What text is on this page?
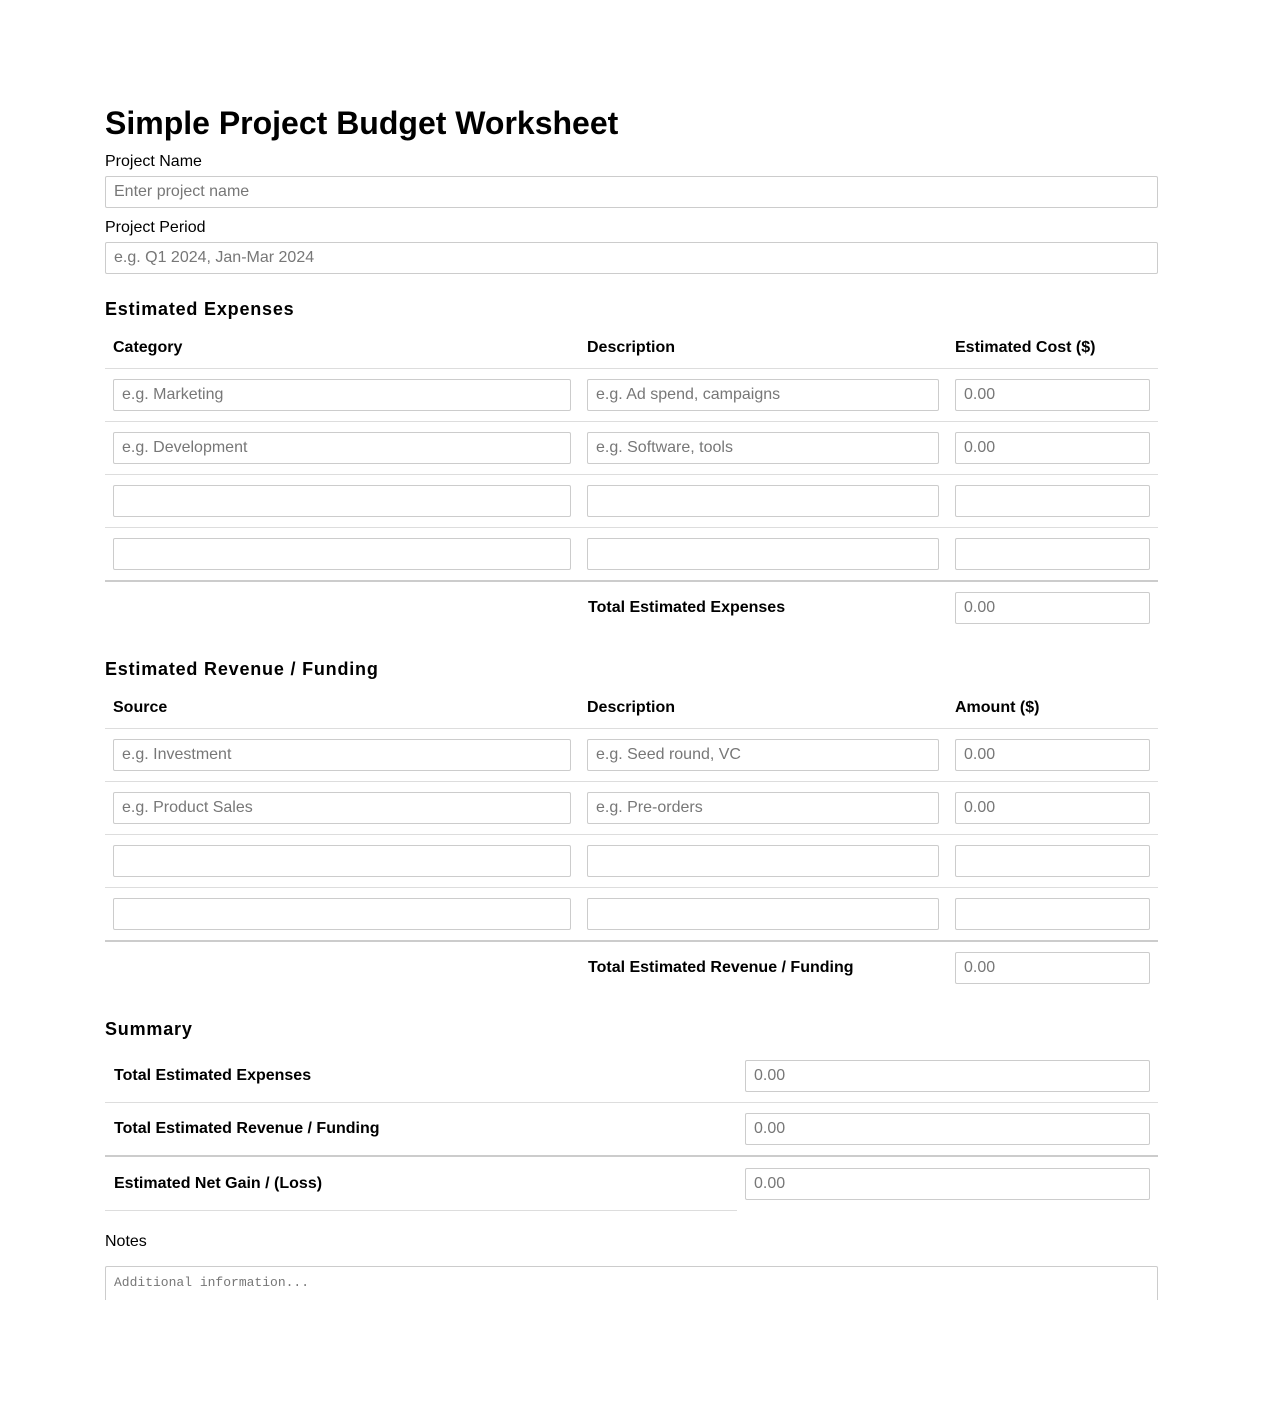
Simple Project Budget Worksheet
Project Name
Enter project name
Project Period
e.g. Q1 2024, Jan-Mar 2024
Estimated Expenses
Category	Description	Estimated Cost ($)
e.g. Marketing	e.g. Ad spend, campaigns	0.00
e.g. Development	e.g. Software, tools	0.00

	Total Estimated Expenses	0.00
Estimated Revenue / Funding
Source	Description	Amount ($)
e.g. Investment	e.g. Seed round, VC	0.00
e.g. Product Sales	e.g. Pre-orders	0.00

	Total Estimated Revenue / Funding	0.00
Summary
Total Estimated Expenses	0.00
Total Estimated Revenue / Funding	0.00
Estimated Net Gain / (Loss)	0.00
Notes
Additional information...
